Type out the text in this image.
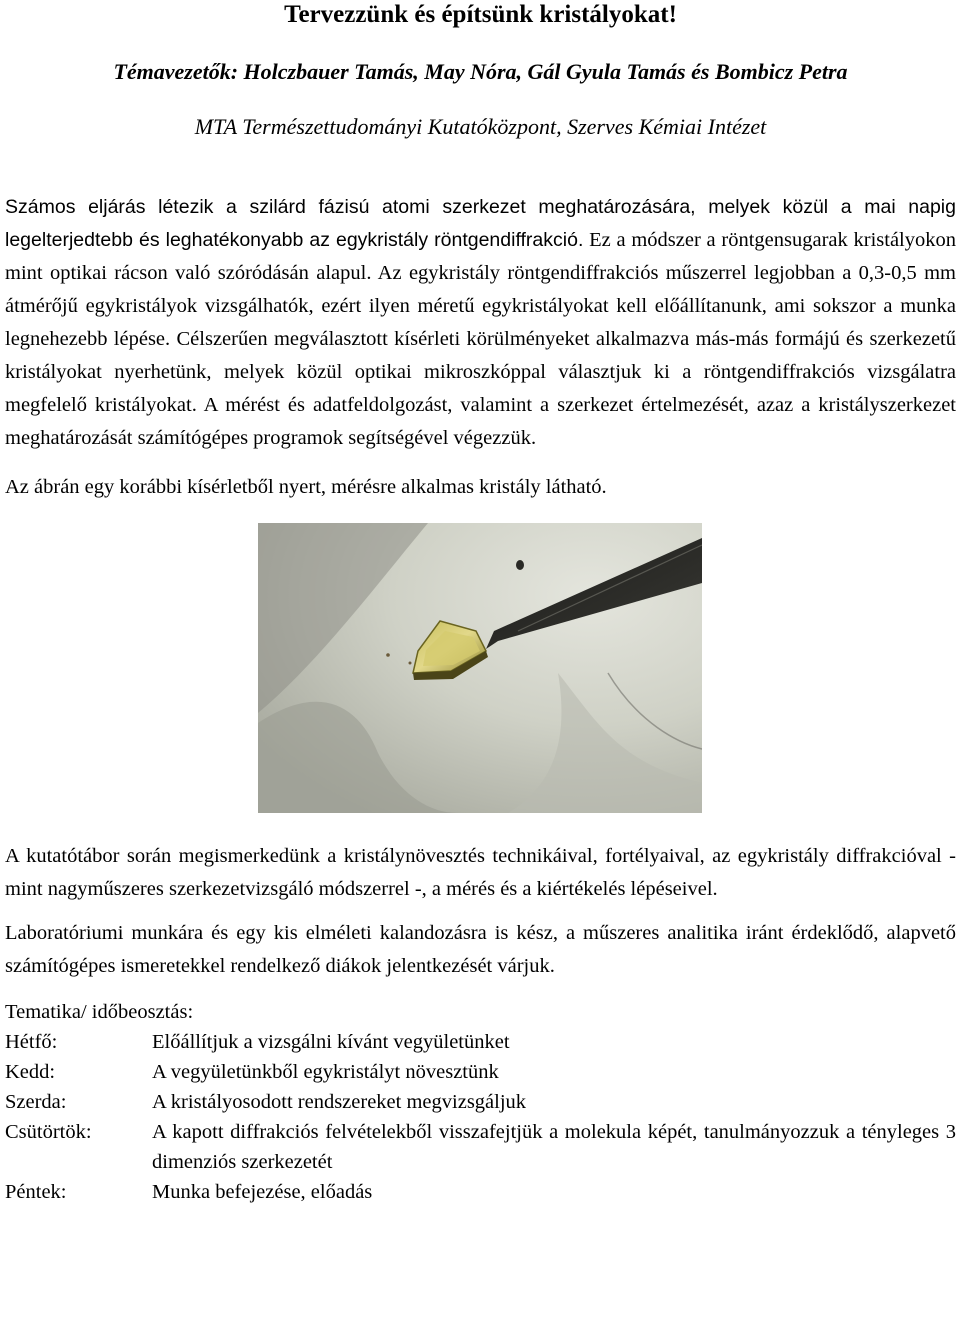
Tervezzünk és építsünk kristályokat!

Témavezetők: Holczbauer Tamás, May Nóra, Gál Gyula Tamás és Bombicz Petra

MTA Természettudományi Kutatóközpont, Szerves Kémiai Intézet

Számos eljárás létezik a szilárd fázisú atomi szerkezet meghatározására, melyek közül a mai napig legelterjedtebb és leghatékonyabb az egykristály röntgendiffrakció. Ez a módszer a röntgensugarak kristályokon mint optikai rácson való szóródásán alapul. Az egykristály röntgendiffrakciós műszerrel legjobban a 0,3-0,5 mm átmérőjű egykristályok vizsgálhatók, ezért ilyen méretű egykristályokat kell előállítanunk, ami sokszor a munka legnehezebb lépése. Célszerűen megválasztott kísérleti körülményeket alkalmazva más-más formájú és szerkezetű kristályokat nyerhetünk, melyek közül optikai mikroszkóppal választjuk ki a röntgendiffrakciós vizsgálatra megfelelő kristályokat. A mérést és adatfeldolgozást, valamint a szerkezet értelmezését, azaz a kristályszerkezet meghatározását számítógépes programok segítségével végezzük.

Az ábrán egy korábbi kísérletből nyert, mérésre alkalmas kristály látható.

A kutatótábor során megismerkedünk a kristálynövesztés technikáival, fortélyaival, az egykristály diffrakcióval - mint nagyműszeres szerkezetvizsgáló módszerrel -, a mérés és a kiértékelés lépéseivel.

Laboratóriumi munkára és egy kis elméleti kalandozásra is kész, a műszeres analitika iránt érdeklődő, alapvető számítógépes ismeretekkel rendelkező diákok jelentkezését várjuk.

Tematika/ időbeosztás:
Hétfő:	Előállítjuk a vizsgálni kívánt vegyületünket
Kedd:	A vegyületünkből egykristályt növesztünk
Szerda:	A kristályosodott rendszereket megvizsgáljuk
Csütörtök:	A kapott diffrakciós felvételekből visszafejtjük a molekula képét, tanulmányozzuk a tényleges 3 dimenziós szerkezetét
Péntek:	Munka befejezése, előadás
